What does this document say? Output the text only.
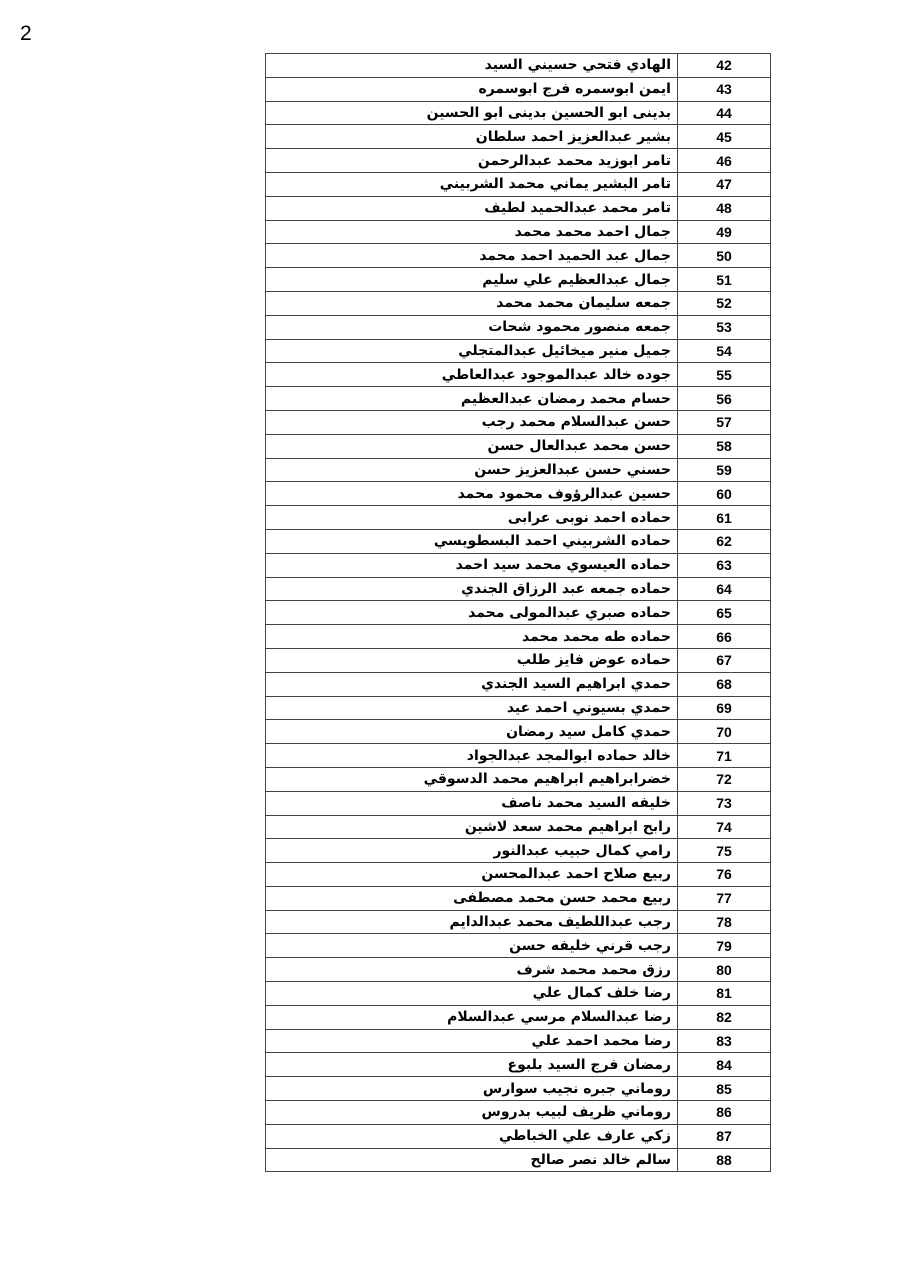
2
الهادي فتحي حسيني السيد	42
ايمن ابوسمره فرج ابوسمره	43
بدينى ابو الحسين بدينى ابو الحسين	44
بشير عبدالعزيز احمد سلطان	45
تامر ابوزيد محمد عبدالرحمن	46
تامر البشير يماني محمد الشربيني	47
تامر محمد عبدالحميد لطيف	48
جمال احمد محمد محمد	49
جمال عبد الحميد احمد محمد	50
جمال عبدالعظيم علي سليم	51
جمعه سليمان محمد محمد	52
جمعه منصور محمود شحات	53
جميل منير ميخائيل عبدالمتجلي	54
جوده خالد عبدالموجود عبدالعاطي	55
حسام محمد رمضان عبدالعظيم	56
حسن عبدالسلام محمد رجب	57
حسن محمد عبدالعال حسن	58
حسني حسن عبدالعزيز حسن	59
حسين عبدالرؤوف محمود محمد	60
حماده احمد نوبى عرابى	61
حماده الشربيني احمد البسطويسي	62
حماده العيسوي محمد سيد احمد	63
حماده جمعه عبد الرزاق الجندي	64
حماده صبري عبدالمولى محمد	65
حماده طه محمد محمد	66
حماده عوض فايز طلب	67
حمدي ابراهيم السيد الجندي	68
حمدي بسيوني احمد عيد	69
حمدي كامل سيد رمضان	70
خالد حماده ابوالمجد عبدالجواد	71
خضرابراهيم ابراهيم محمد الدسوقي	72
خليفه السيد محمد ناصف	73
رابح ابراهيم محمد سعد لاشين	74
رامي كمال حبيب عبدالنور	75
ربيع صلاح احمد عبدالمحسن	76
ربيع محمد حسن محمد مصطفى	77
رجب عبداللطيف محمد عبدالدايم	78
رجب قرني خليفه حسن	79
رزق محمد محمد شرف	80
رضا خلف كمال علي	81
رضا عبدالسلام مرسي عبدالسلام	82
رضا محمد احمد علي	83
رمضان فرج السيد بلبوع	84
روماني جبره نجيب سوارس	85
روماني ظريف لبيب بدروس	86
زكي عارف علي الخباطي	87
سالم خالد نصر صالح	88
